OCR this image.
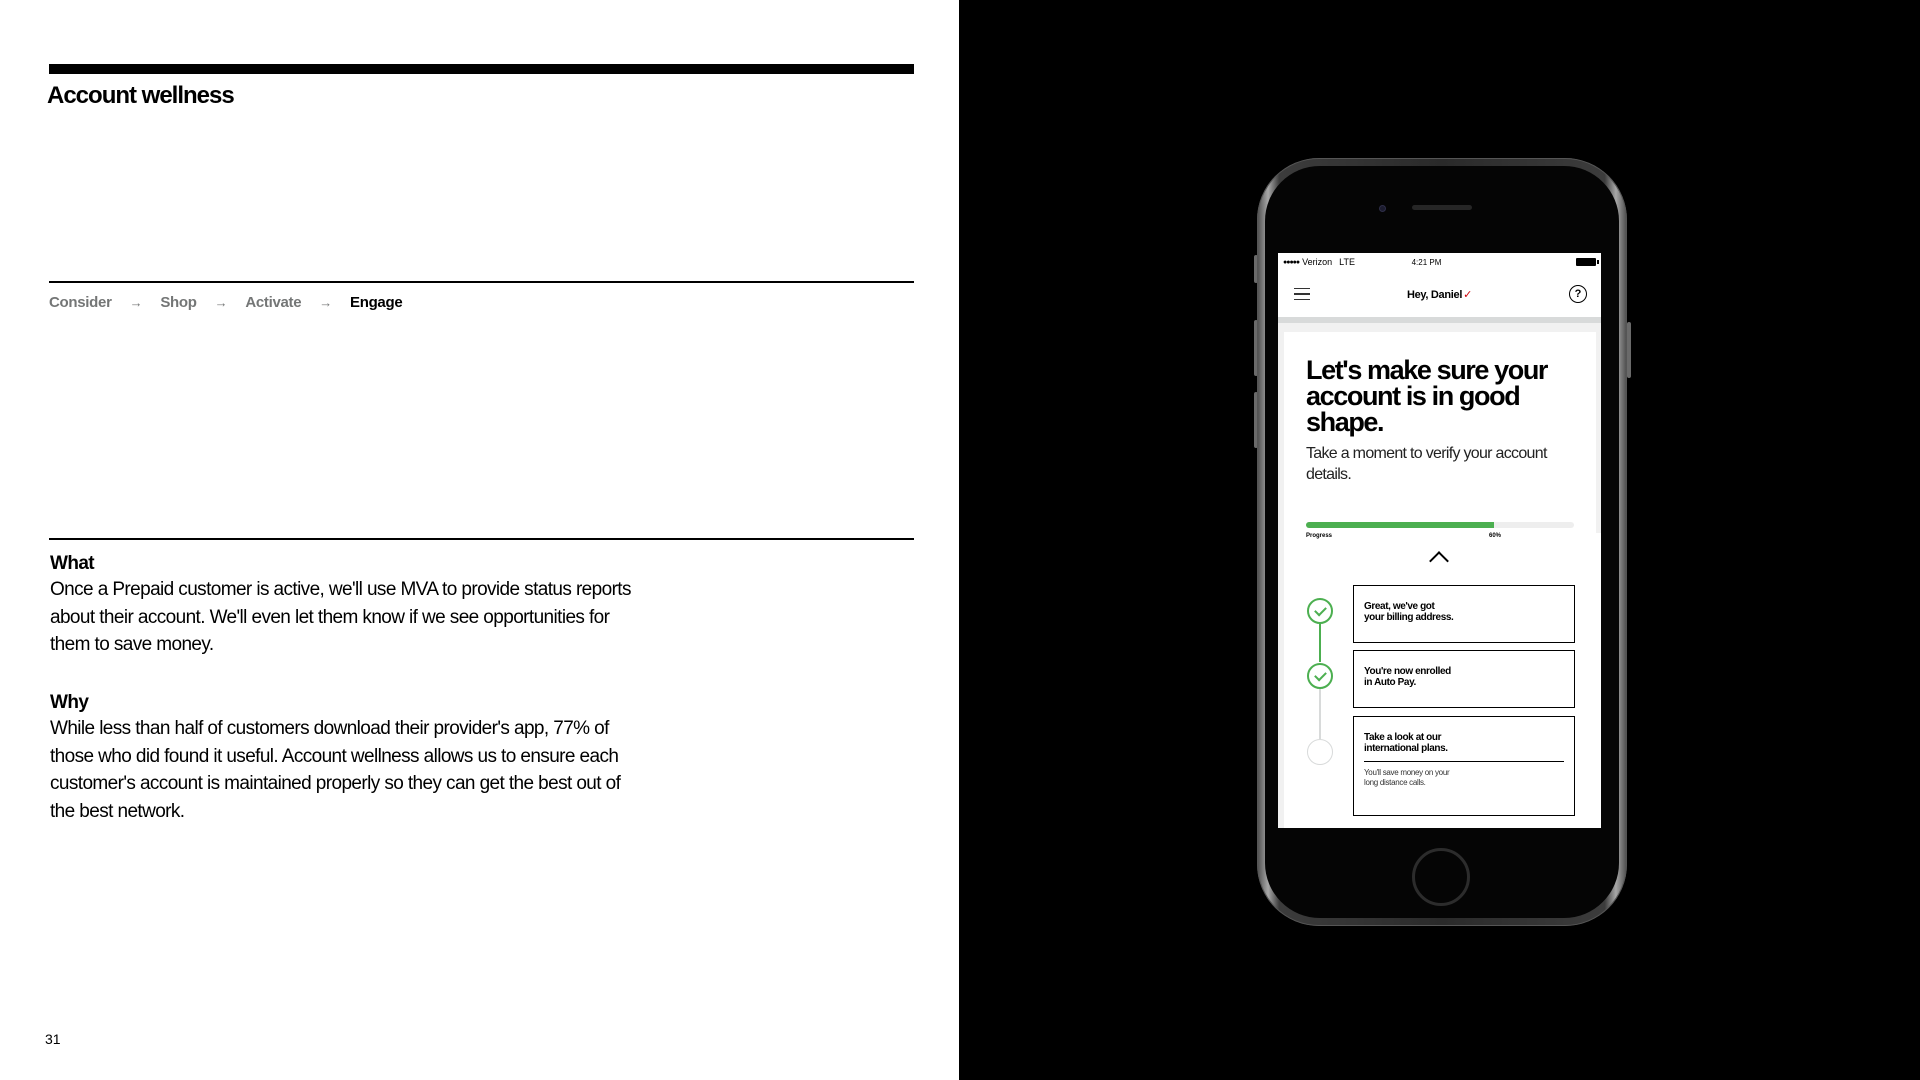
Account wellness
Consider → Shop → Activate → Engage
What

Once a Prepaid customer is active, we'll use MVA to provide status reports about their account. We'll even let them know if we see opportunities for them to save money.

Why

While less than half of customers download their provider's app, 77% of those who did found it useful. Account wellness allows us to ensure each customer's account is maintained properly so they can get the best out of the best network.

31
●●●●● Verizon LTE	4:21 PM
Hey, Daniel✓	?
Let's make sure your account is in good shape.
Take a moment to verify your account details.
Progress	60%
Great, we've got
your billing address.
You're now enrolled
in Auto Pay.
Take a look at our
international plans.
You'll save money on your
long distance calls.
